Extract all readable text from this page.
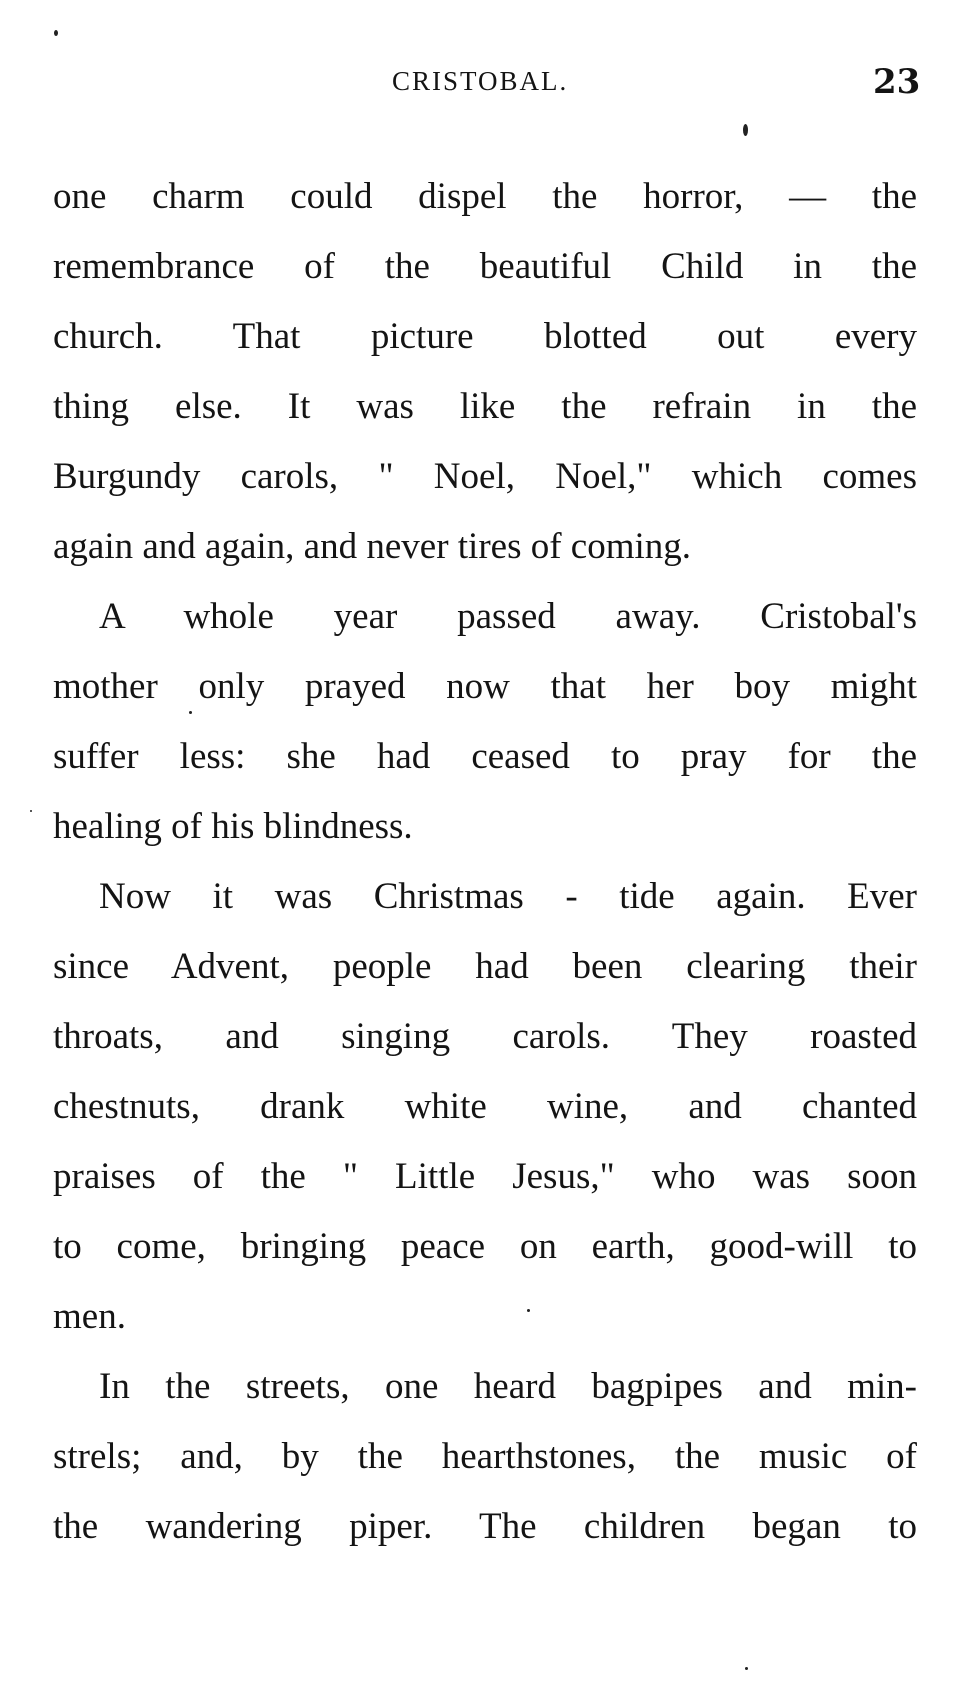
CRISTOBAL.	23
one charm could dispel the horror, — the
remembrance of the beautiful Child in the
church. That picture blotted out every
thing else. It was like the refrain in the
Burgundy carols, " Noel, Noel," which comes
again and again, and never tires of coming.
A whole year passed away. Cristobal's
mother only prayed now that her boy might
suffer less: she had ceased to pray for the
healing of his blindness.
Now it was Christmas - tide again. Ever
since Advent, people had been clearing their
throats, and singing carols. They roasted
chestnuts, drank white wine, and chanted
praises of the " Little Jesus," who was soon
to come, bringing peace on earth, good-will to
men.
In the streets, one heard bagpipes and min-
strels; and, by the hearthstones, the music of
the wandering piper. The children began to
